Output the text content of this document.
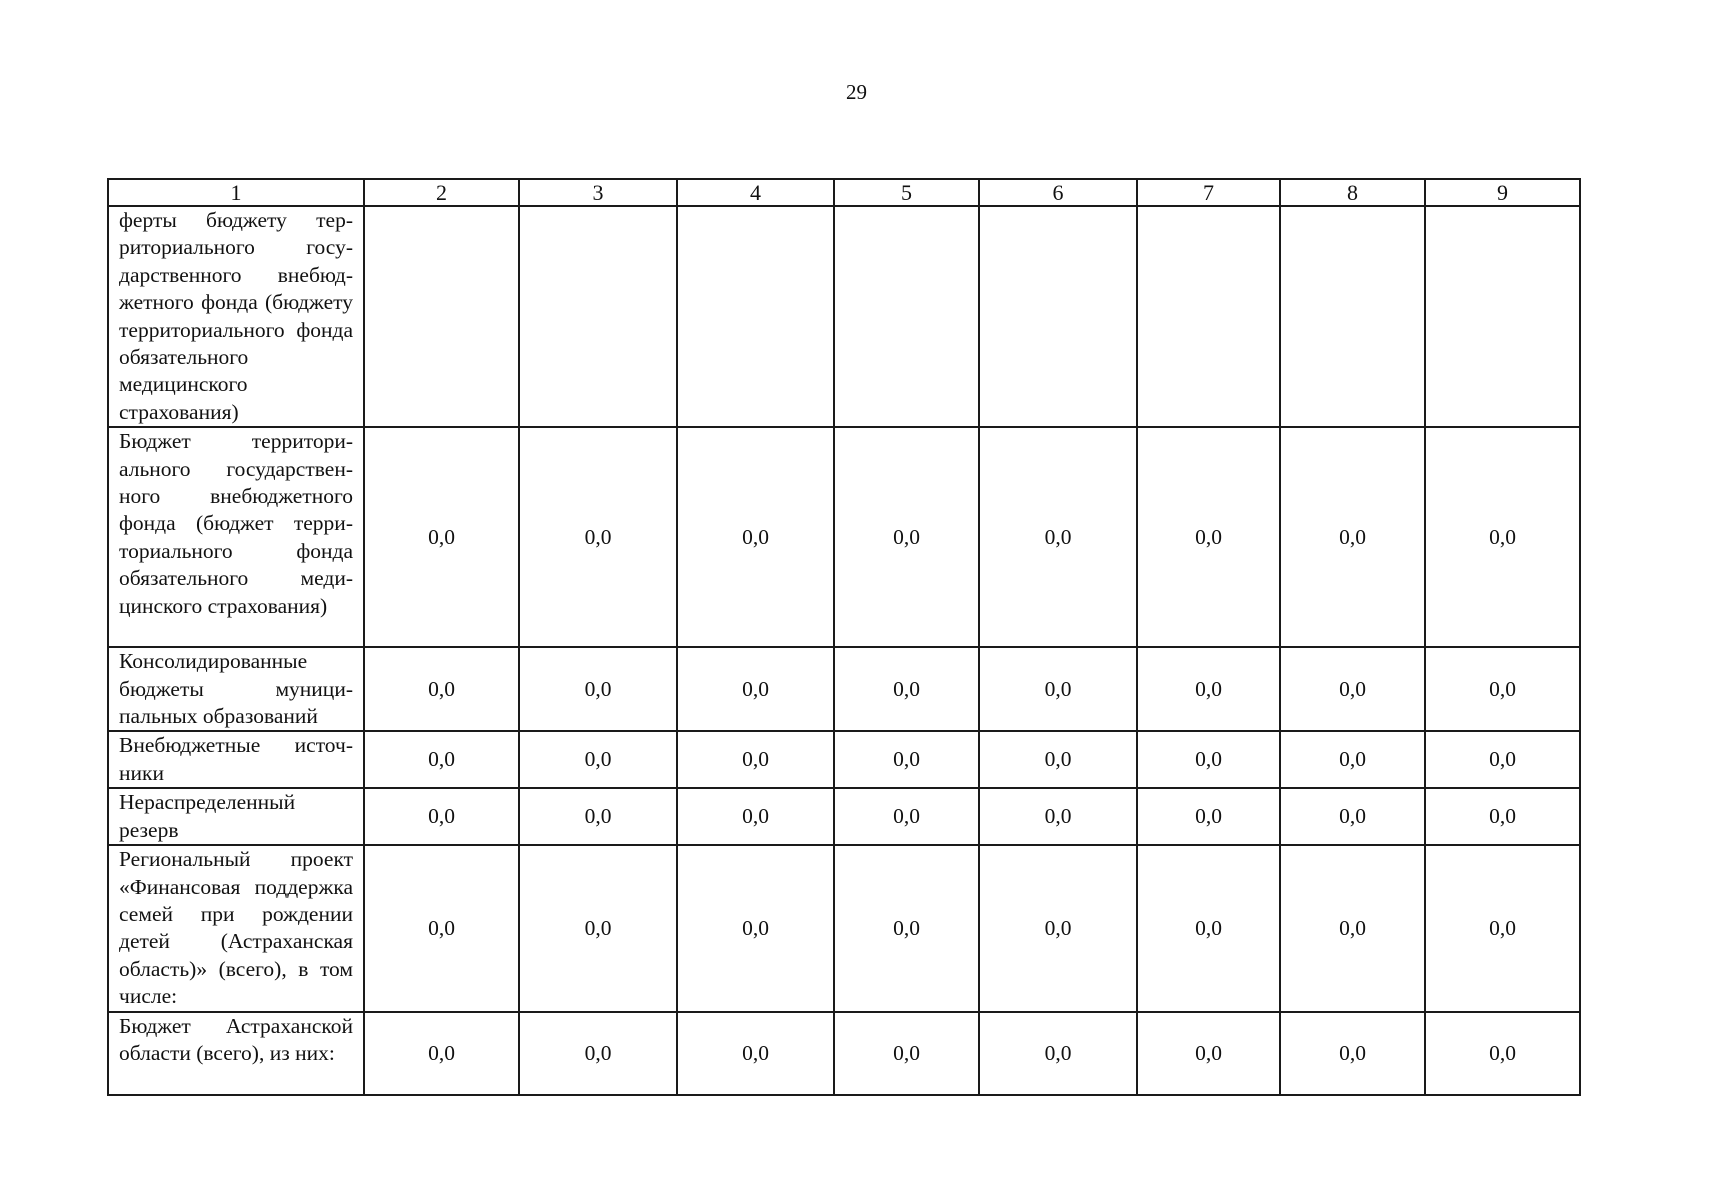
29
1	2	3	4	5	6	7	8	9
ферты бюджету территориального государственного внебюджетного фонда (бюджету территориального фонда обязательного медицинского страхования)								
Бюджет территориального государственного внебюджетного фонда (бюджет территориального фонда обязательного медицинского страхования)	0,0	0,0	0,0	0,0	0,0	0,0	0,0	0,0
Консолидированные бюджеты муниципальных образований	0,0	0,0	0,0	0,0	0,0	0,0	0,0	0,0
Внебюджетные источники	0,0	0,0	0,0	0,0	0,0	0,0	0,0	0,0
Нераспределенный резерв	0,0	0,0	0,0	0,0	0,0	0,0	0,0	0,0
Региональный проект «Финансовая поддержка семей при рождении детей (Астраханская область)» (всего), в том числе:	0,0	0,0	0,0	0,0	0,0	0,0	0,0	0,0
Бюджет Астраханской области (всего), из них:	0,0	0,0	0,0	0,0	0,0	0,0	0,0	0,0
